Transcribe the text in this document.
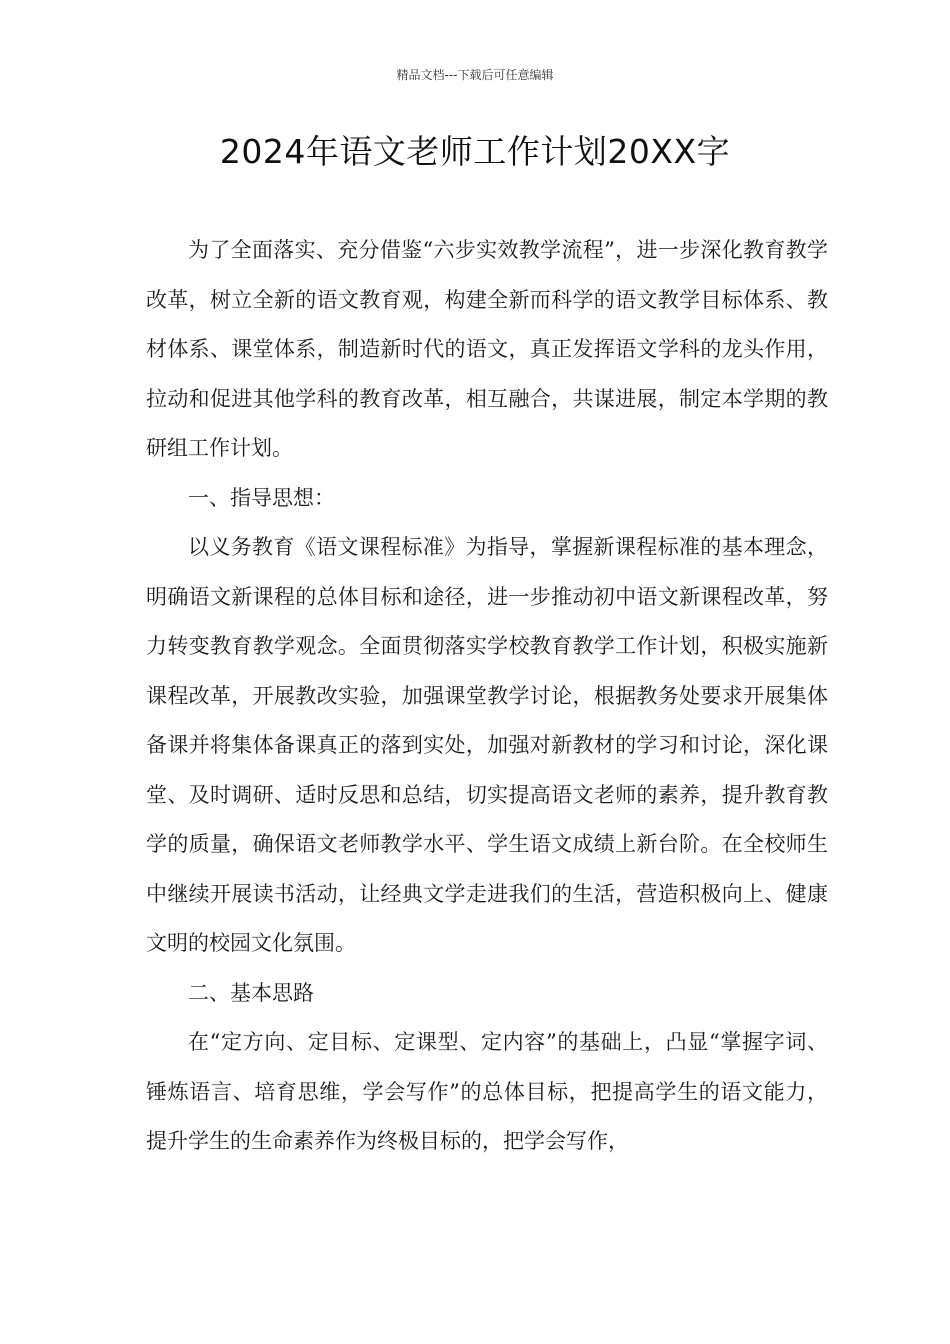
精品文档---下载后可任意编辑
2024年语文老师工作计划20XX字

为了全面落实、充分借鉴“六步实效教学流程”，进一步深化教育教学改革，树立全新的语文教育观，构建全新而科学的语文教学目标体系、教材体系、课堂体系，制造新时代的语文，真正发挥语文学科的龙头作用，拉动和促进其他学科的教育改革，相互融合，共谋进展，制定本学期的教研组工作计划。

一、指导思想：

以义务教育《语文课程标准》为指导，掌握新课程标准的基本理念，明确语文新课程的总体目标和途径，进一步推动初中语文新课程改革，努力转变教育教学观念。全面贯彻落实学校教育教学工作计划，积极实施新课程改革，开展教改实验，加强课堂教学讨论，根据教务处要求开展集体备课并将集体备课真正的落到实处，加强对新教材的学习和讨论，深化课堂、及时调研、适时反思和总结，切实提高语文老师的素养，提升教育教学的质量，确保语文老师教学水平、学生语文成绩上新台阶。在全校师生中继续开展读书活动，让经典文学走进我们的生活，营造积极向上、健康文明的校园文化氛围。

二、基本思路

在“定方向、定目标、定课型、定内容”的基础上，凸显“掌握字词、锤炼语言、培育思维，学会写作”的总体目标，把提高学生的语文能力，提升学生的生命素养作为终极目标的，把学会写作，
